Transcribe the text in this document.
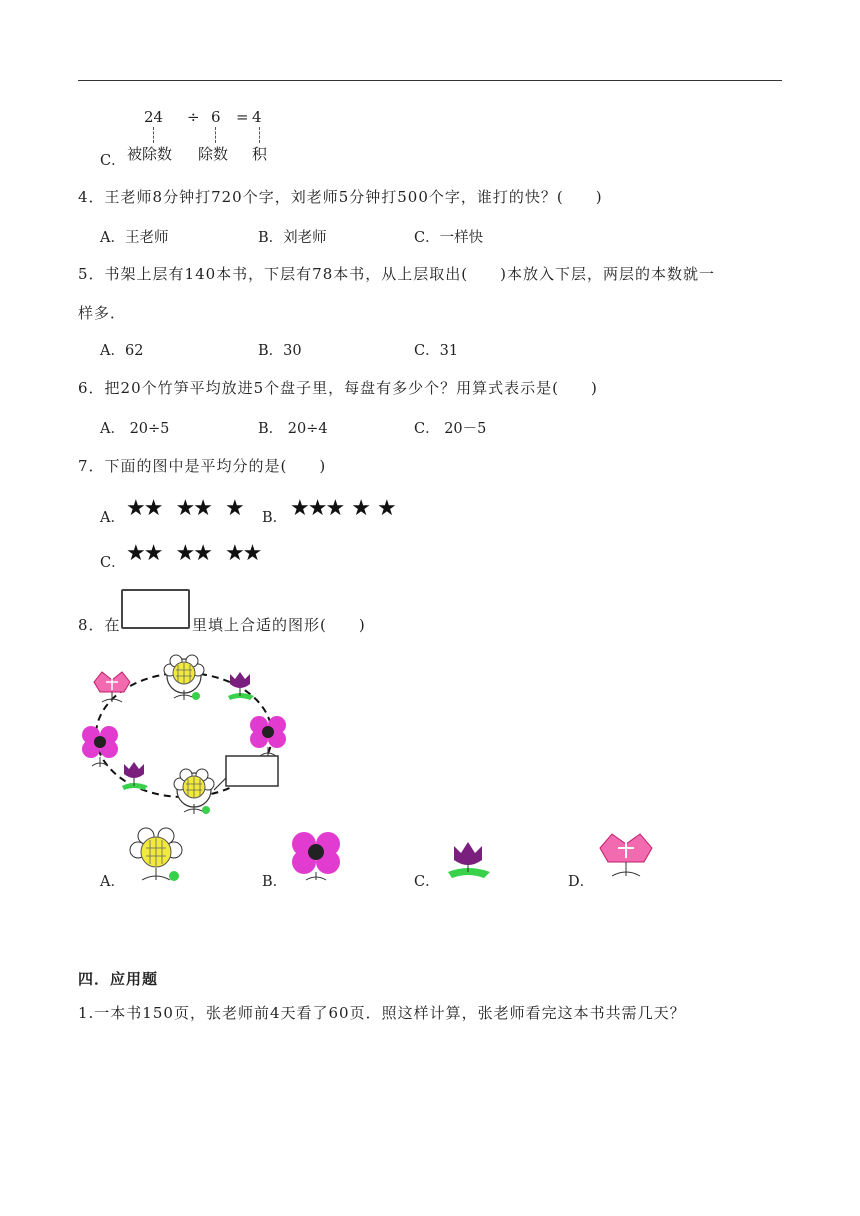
24 ÷ 6 = 4
被除数 除数 积
C．
4．王老师8分钟打720个字，刘老师5分钟打500个字，谁打的快？(　　)
A．王老师	B．刘老师	C．一样快
5．书架上层有140本书，下层有78本书，从上层取出(　　)本放入下层，两层的本数就一
样多．
A．62	B．30	C．31
6．把20个竹笋平均放进5个盘子里，每盘有多少个？用算式表示是(　　)
A． 20÷5	B． 20÷4	C． 20－5
7．下面的图中是平均分的是(　　)
A． ★★ ★★ ★ B． ★★★ ★ ★
C． ★★ ★★ ★★
8．在	里填上合适的图形(　　)
A．	B．	C．	D．
四．应用题
1.一本书150页，张老师前4天看了60页．照这样计算，张老师看完这本书共需几天？
